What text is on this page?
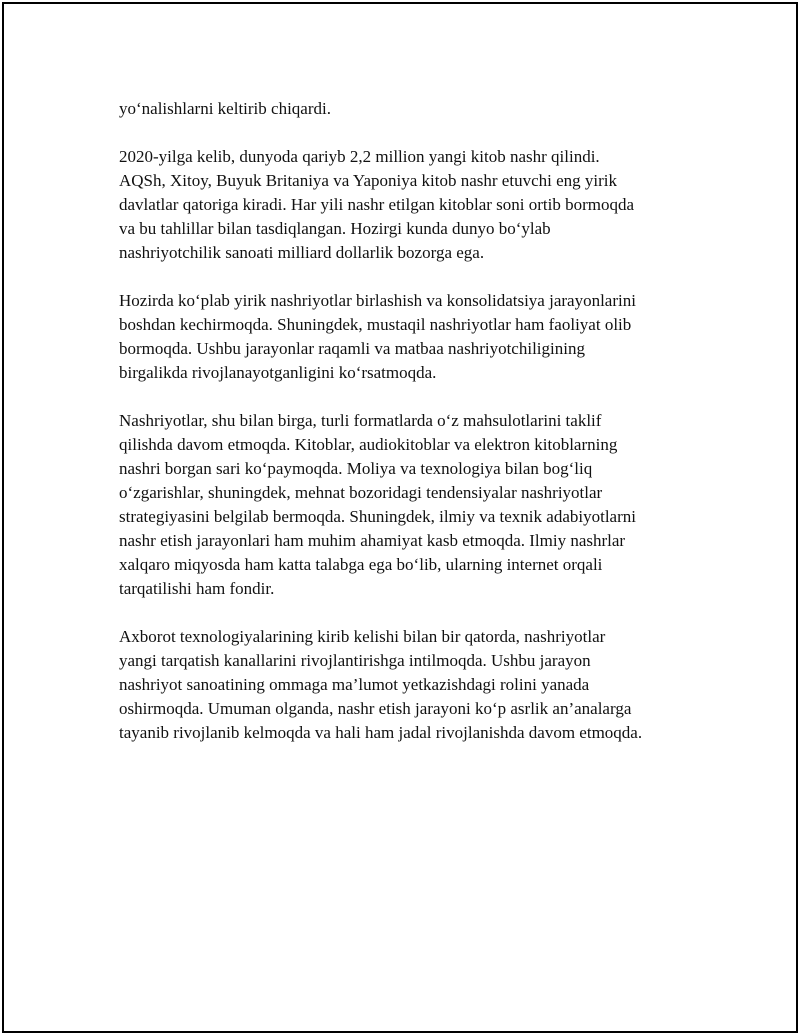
yo‘nalishlarni keltirib chiqardi.

2020-yilga kelib, dunyoda qariyb 2,2 million yangi kitob nashr qilindi.
AQSh, Xitoy, Buyuk Britaniya va Yaponiya kitob nashr etuvchi eng yirik
davlatlar qatoriga kiradi. Har yili nashr etilgan kitoblar soni ortib bormoqda
va bu tahlillar bilan tasdiqlangan. Hozirgi kunda dunyo bo‘ylab
nashriyotchilik sanoati milliard dollarlik bozorga ega.

Hozirda ko‘plab yirik nashriyotlar birlashish va konsolidatsiya jarayonlarini
boshdan kechirmoqda. Shuningdek, mustaqil nashriyotlar ham faoliyat olib
bormoqda. Ushbu jarayonlar raqamli va matbaa nashriyotchiligining
birgalikda rivojlanayotganligini ko‘rsatmoqda.

Nashriyotlar, shu bilan birga, turli formatlarda o‘z mahsulotlarini taklif
qilishda davom etmoqda. Kitoblar, audiokitoblar va elektron kitoblarning
nashri borgan sari ko‘paymoqda. Moliya va texnologiya bilan bog‘liq
o‘zgarishlar, shuningdek, mehnat bozoridagi tendensiyalar nashriyotlar
strategiyasini belgilab bermoqda. Shuningdek, ilmiy va texnik adabiyotlarni
nashr etish jarayonlari ham muhim ahamiyat kasb etmoqda. Ilmiy nashrlar
xalqaro miqyosda ham katta talabga ega bo‘lib, ularning internet orqali
tarqatilishi ham fondir.

Axborot texnologiyalarining kirib kelishi bilan bir qatorda, nashriyotlar
yangi tarqatish kanallarini rivojlantirishga intilmoqda. Ushbu jarayon
nashriyot sanoatining ommaga ma’lumot yetkazishdagi rolini yanada
oshirmoqda. Umuman olganda, nashr etish jarayoni ko‘p asrlik an’analarga
tayanib rivojlanib kelmoqda va hali ham jadal rivojlanishda davom etmoqda.
